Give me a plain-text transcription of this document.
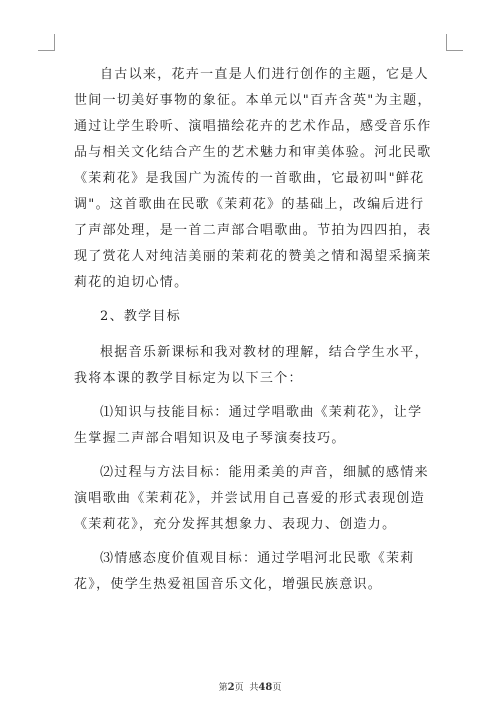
自古以来，花卉一直是人们进行创作的主题，它是人世间一切美好事物的象征。本单元以"百卉含英"为主题，通过让学生聆听、演唱描绘花卉的艺术作品，感受音乐作品与相关文化结合产生的艺术魅力和审美体验。河北民歌《茉莉花》是我国广为流传的一首歌曲，它最初叫"鲜花调"。这首歌曲在民歌《茉莉花》的基础上，改编后进行了声部处理，是一首二声部合唱歌曲。节拍为四四拍，表现了赏花人对纯洁美丽的茉莉花的赞美之情和渴望采摘茉莉花的迫切心情。

2、教学目标

根据音乐新课标和我对教材的理解，结合学生水平，我将本课的教学目标定为以下三个：

⑴知识与技能目标：通过学唱歌曲《茉莉花》，让学生掌握二声部合唱知识及电子琴演奏技巧。

⑵过程与方法目标：能用柔美的声音，细腻的感情来演唱歌曲《茉莉花》，并尝试用自己喜爱的形式表现创造《茉莉花》，充分发挥其想象力、表现力、创造力。

⑶情感态度价值观目标：通过学唱河北民歌《茉莉花》，使学生热爱祖国音乐文化，增强民族意识。

第2页 共48页
